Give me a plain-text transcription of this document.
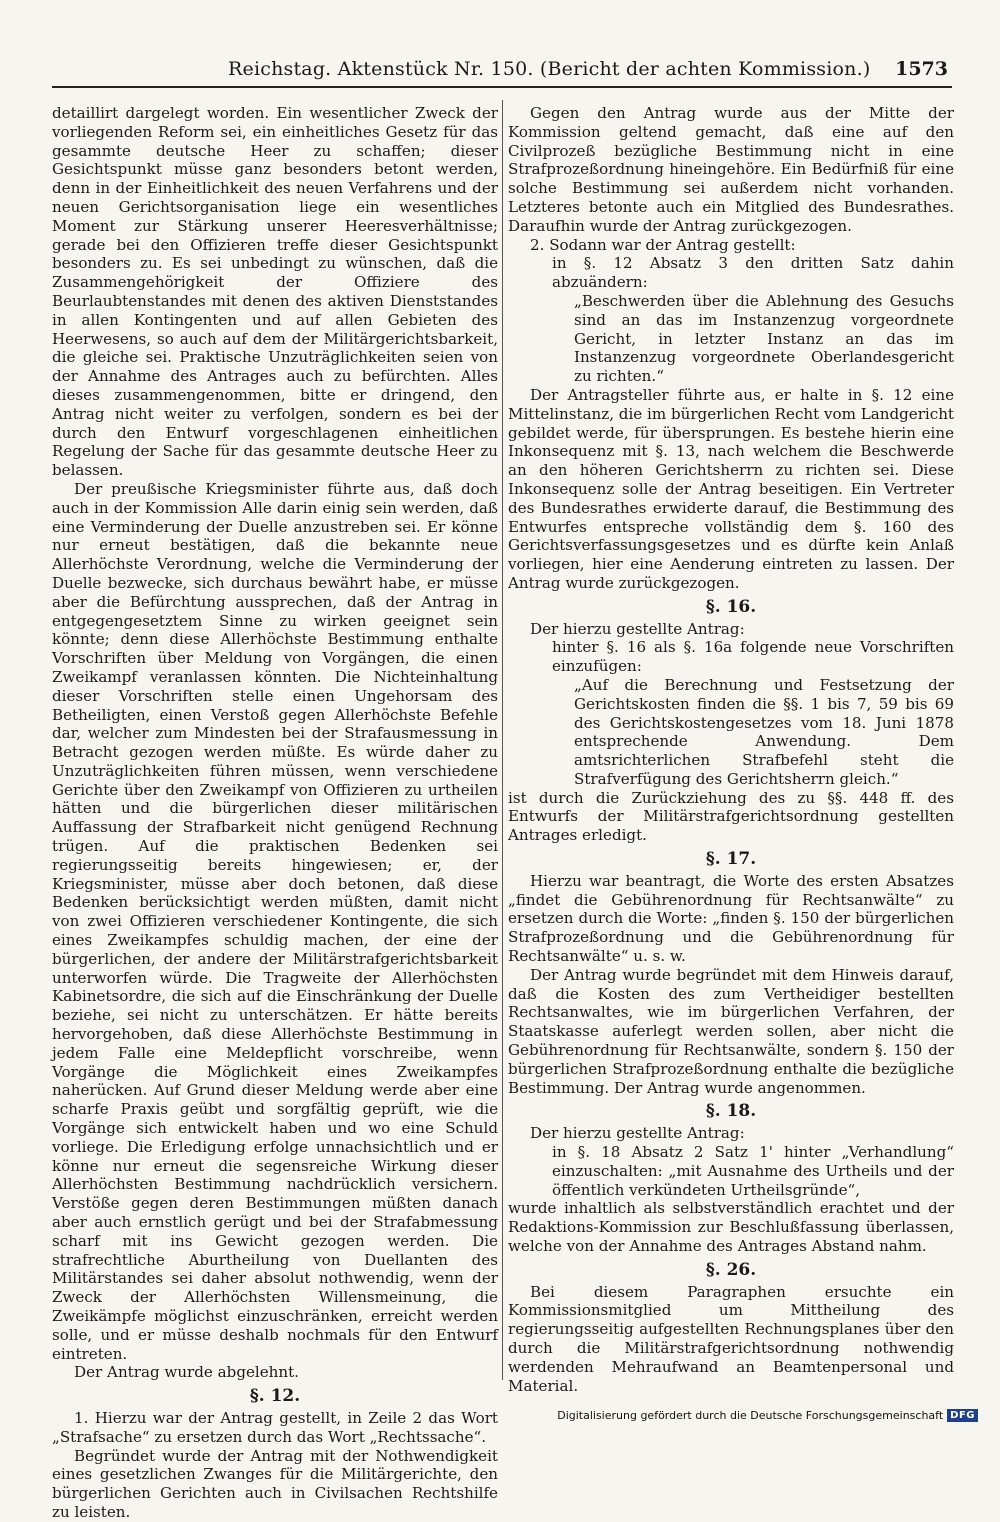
Reichstag. Aktenstück Nr. 150. (Bericht der achten Kommission.) 1573

detaillirt dargelegt worden. Ein wesentlicher Zweck der vorliegenden Reform sei, ein einheitliches Gesetz für das gesammte deutsche Heer zu schaffen; dieser Gesichtspunkt müsse ganz besonders betont werden, denn in der Einheitlichkeit des neuen Verfahrens und der neuen Gerichtsorganisation liege ein wesentliches Moment zur Stärkung unserer Heeresverhältnisse; gerade bei den Offizieren treffe dieser Gesichtspunkt besonders zu. Es sei unbedingt zu wünschen, daß die Zusammengehörigkeit der Offiziere des Beurlaubtenstandes mit denen des aktiven Dienststandes in allen Kontingenten und auf allen Gebieten des Heerwesens, so auch auf dem der Militärgerichtsbarkeit, die gleiche sei. Praktische Unzuträglichkeiten seien von der Annahme des Antrages auch zu befürchten. Alles dieses zusammengenommen, bitte er dringend, den Antrag nicht weiter zu verfolgen, sondern es bei der durch den Entwurf vorgeschlagenen einheitlichen Regelung der Sache für das gesammte deutsche Heer zu belassen.

Der preußische Kriegsminister führte aus, daß doch auch in der Kommission Alle darin einig sein werden, daß eine Verminderung der Duelle anzustreben sei. Er könne nur erneut bestätigen, daß die bekannte neue Allerhöchste Verordnung, welche die Verminderung der Duelle bezwecke, sich durchaus bewährt habe, er müsse aber die Befürchtung aussprechen, daß der Antrag in entgegengesetztem Sinne zu wirken geeignet sein könnte; denn diese Allerhöchste Bestimmung enthalte Vorschriften über Meldung von Vorgängen, die einen Zweikampf veranlassen könnten. Die Nichteinhaltung dieser Vorschriften stelle einen Ungehorsam des Betheiligten, einen Verstoß gegen Allerhöchste Befehle dar, welcher zum Mindesten bei der Strafausmessung in Betracht gezogen werden müßte. Es würde daher zu Unzuträglichkeiten führen müssen, wenn verschiedene Gerichte über den Zweikampf von Offizieren zu urtheilen hätten und die bürgerlichen dieser militärischen Auffassung der Strafbarkeit nicht genügend Rechnung trügen. Auf die praktischen Bedenken sei regierungsseitig bereits hingewiesen; er, der Kriegsminister, müsse aber doch betonen, daß diese Bedenken berücksichtigt werden müßten, damit nicht von zwei Offizieren verschiedener Kontingente, die sich eines Zweikampfes schuldig machen, der eine der bürgerlichen, der andere der Militärstrafgerichtsbarkeit unterworfen würde. Die Tragweite der Allerhöchsten Kabinetsordre, die sich auf die Einschränkung der Duelle beziehe, sei nicht zu unterschätzen. Er hätte bereits hervorgehoben, daß diese Allerhöchste Bestimmung in jedem Falle eine Meldepflicht vorschreibe, wenn Vorgänge die Möglichkeit eines Zweikampfes naherücken. Auf Grund dieser Meldung werde aber eine scharfe Praxis geübt und sorgfältig geprüft, wie die Vorgänge sich entwickelt haben und wo eine Schuld vorliege. Die Erledigung erfolge unnachsichtlich und er könne nur erneut die segensreiche Wirkung dieser Allerhöchsten Bestimmung nachdrücklich versichern. Verstöße gegen deren Bestimmungen müßten danach aber auch ernstlich gerügt und bei der Strafabmessung scharf mit ins Gewicht gezogen werden. Die strafrechtliche Aburtheilung von Duellanten des Militärstandes sei daher absolut nothwendig, wenn der Zweck der Allerhöchsten Willensmeinung, die Zweikämpfe möglichst einzuschränken, erreicht werden solle, und er müsse deshalb nochmals für den Entwurf eintreten.

Der Antrag wurde abgelehnt.

§. 12.

1. Hierzu war der Antrag gestellt, in Zeile 2 das Wort „Strafsache“ zu ersetzen durch das Wort „Rechtssache“.

Begründet wurde der Antrag mit der Nothwendigkeit eines gesetzlichen Zwanges für die Militärgerichte, den bürgerlichen Gerichten auch in Civilsachen Rechtshilfe zu leisten.

Gegen den Antrag wurde aus der Mitte der Kommission geltend gemacht, daß eine auf den Civilprozeß bezügliche Bestimmung nicht in eine Strafprozeßordnung hineingehöre. Ein Bedürfniß für eine solche Bestimmung sei außerdem nicht vorhanden. Letzteres betonte auch ein Mitglied des Bundesrathes. Daraufhin wurde der Antrag zurückgezogen.

2. Sodann war der Antrag gestellt:

in §. 12 Absatz 3 den dritten Satz dahin abzuändern:

„Beschwerden über die Ablehnung des Gesuchs sind an das im Instanzenzug vorgeordnete Gericht, in letzter Instanz an das im Instanzenzug vorgeordnete Oberlandesgericht zu richten.“

Der Antragsteller führte aus, er halte in §. 12 eine Mittelinstanz, die im bürgerlichen Recht vom Landgericht gebildet werde, für übersprungen. Es bestehe hierin eine Inkonsequenz mit §. 13, nach welchem die Beschwerde an den höheren Gerichtsherrn zu richten sei. Diese Inkonsequenz solle der Antrag beseitigen. Ein Vertreter des Bundesrathes erwiderte darauf, die Bestimmung des Entwurfes entspreche vollständig dem §. 160 des Gerichtsverfassungsgesetzes und es dürfte kein Anlaß vorliegen, hier eine Aenderung eintreten zu lassen. Der Antrag wurde zurückgezogen.

§. 16.

Der hierzu gestellte Antrag:

hinter §. 16 als §. 16a folgende neue Vorschriften einzufügen:

„Auf die Berechnung und Festsetzung der Gerichtskosten finden die §§. 1 bis 7, 59 bis 69 des Gerichtskostengesetzes vom 18. Juni 1878 entsprechende Anwendung. Dem amtsrichterlichen Strafbefehl steht die Strafverfügung des Gerichtsherrn gleich.“

ist durch die Zurückziehung des zu §§. 448 ff. des Entwurfs der Militärstrafgerichtsordnung gestellten Antrages erledigt.

§. 17.

Hierzu war beantragt, die Worte des ersten Absatzes „findet die Gebührenordnung für Rechtsanwälte“ zu ersetzen durch die Worte: „finden §. 150 der bürgerlichen Strafprozeßordnung und die Gebührenordnung für Rechtsanwälte“ u. s. w.

Der Antrag wurde begründet mit dem Hinweis darauf, daß die Kosten des zum Vertheidiger bestellten Rechtsanwaltes, wie im bürgerlichen Verfahren, der Staatskasse auferlegt werden sollen, aber nicht die Gebührenordnung für Rechtsanwälte, sondern §. 150 der bürgerlichen Strafprozeßordnung enthalte die bezügliche Bestimmung. Der Antrag wurde angenommen.

§. 18.

Der hierzu gestellte Antrag:

in §. 18 Absatz 2 Satz 1' hinter „Verhandlung“ einzuschalten: „mit Ausnahme des Urtheils und der öffentlich verkündeten Urtheilsgründe“,

wurde inhaltlich als selbstverständlich erachtet und der Redaktions-Kommission zur Beschlußfassung überlassen, welche von der Annahme des Antrages Abstand nahm.

§. 26.

Bei diesem Paragraphen ersuchte ein Kommissionsmitglied um Mittheilung des regierungsseitig aufgestellten Rechnungsplanes über den durch die Militärstrafgerichtsordnung nothwendig werdenden Mehraufwand an Beamtenpersonal und Material.

Digitalisierung gefördert durch die Deutsche Forschungsgemeinschaft DFG
